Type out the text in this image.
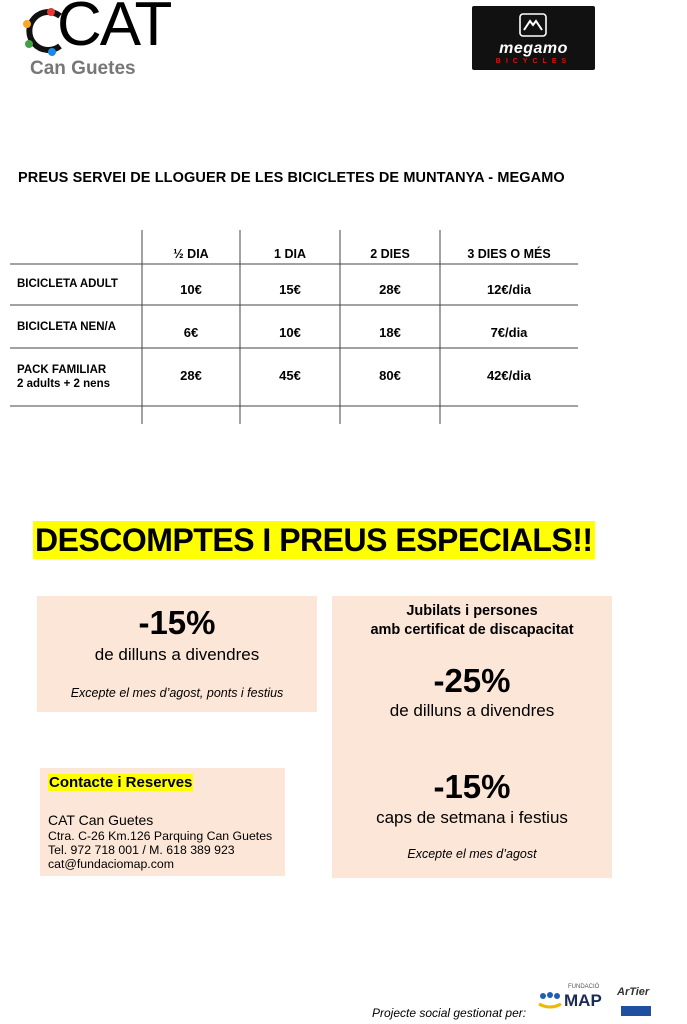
CAT
Can Guetes
megamo
BICYCLES
PREUS SERVEI DE LLOGUER DE LES BICICLETES DE MUNTANYA - MEGAMO
½ DIA	1 DIA	2 DIES	3 DIES O MÉS
BICICLETA ADULT	10€	15€	28€	12€/dia
BICICLETA NEN/A	6€	10€	18€	7€/dia
PACK FAMILIAR
2 adults + 2 nens
28€	45€	80€	42€/dia
DESCOMPTES I PREUS ESPECIALS!!
-15%
de dilluns a divendres
Excepte el mes d’agost, ponts i festius
Jubilats i persones
amb certificat de discapacitat
-25%
de dilluns a divendres
-15%
caps de setmana i festius
Excepte el mes d’agost
Contacte i Reserves
CAT Can Guetes
Ctra. C-26 Km.126 Parquing Can Guetes
Tel. 972 718 001 / M. 618 389 923
cat@fundaciomap.com
Projecte social gestionat per:
FUNDACIÓ
MAP ArTier
